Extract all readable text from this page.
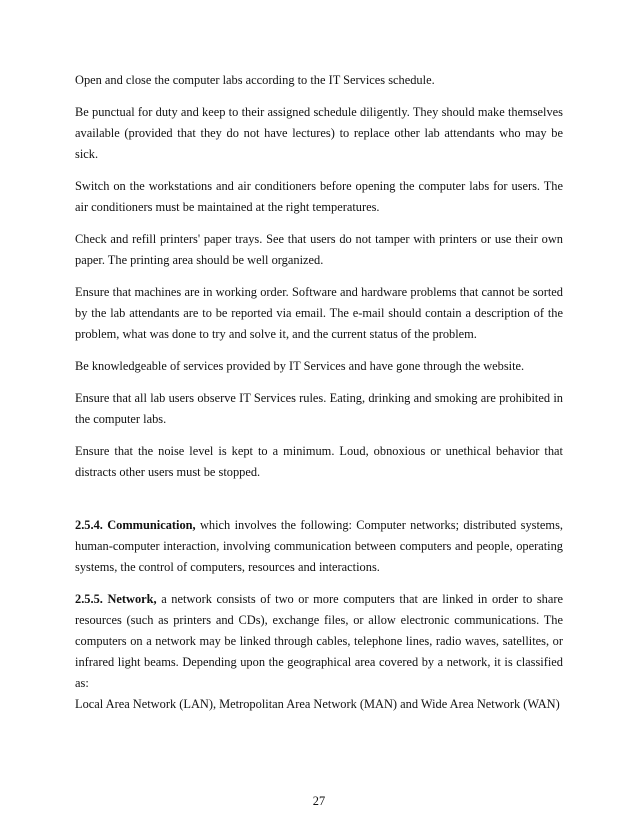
Open and close the computer labs according to the IT Services schedule.

Be punctual for duty and keep to their assigned schedule diligently. They should make themselves available (provided that they do not have lectures) to replace other lab attendants who may be sick.

Switch on the workstations and air conditioners before opening the computer labs for users. The air conditioners must be maintained at the right temperatures.

Check and refill printers' paper trays. See that users do not tamper with printers or use their own paper. The printing area should be well organized.

Ensure that machines are in working order. Software and hardware problems that cannot be sorted by the lab attendants are to be reported via email. The e-mail should contain a description of the problem, what was done to try and solve it, and the current status of the problem.

Be knowledgeable of services provided by IT Services and have gone through the website.

Ensure that all lab users observe IT Services rules. Eating, drinking and smoking are prohibited in the computer labs.

Ensure that the noise level is kept to a minimum. Loud, obnoxious or unethical behavior that distracts other users must be stopped.

2.5.4. Communication, which involves the following: Computer networks; distributed systems, human-computer interaction, involving communication between computers and people, operating systems, the control of computers, resources and interactions.

2.5.5. Network, a network consists of two or more computers that are linked in order to share resources (such as printers and CDs), exchange files, or allow electronic communications. The computers on a network may be linked through cables, telephone lines, radio waves, satellites, or infrared light beams. Depending upon the geographical area covered by a network, it is classified as:

Local Area Network (LAN), Metropolitan Area Network (MAN) and Wide Area Network (WAN)

27
